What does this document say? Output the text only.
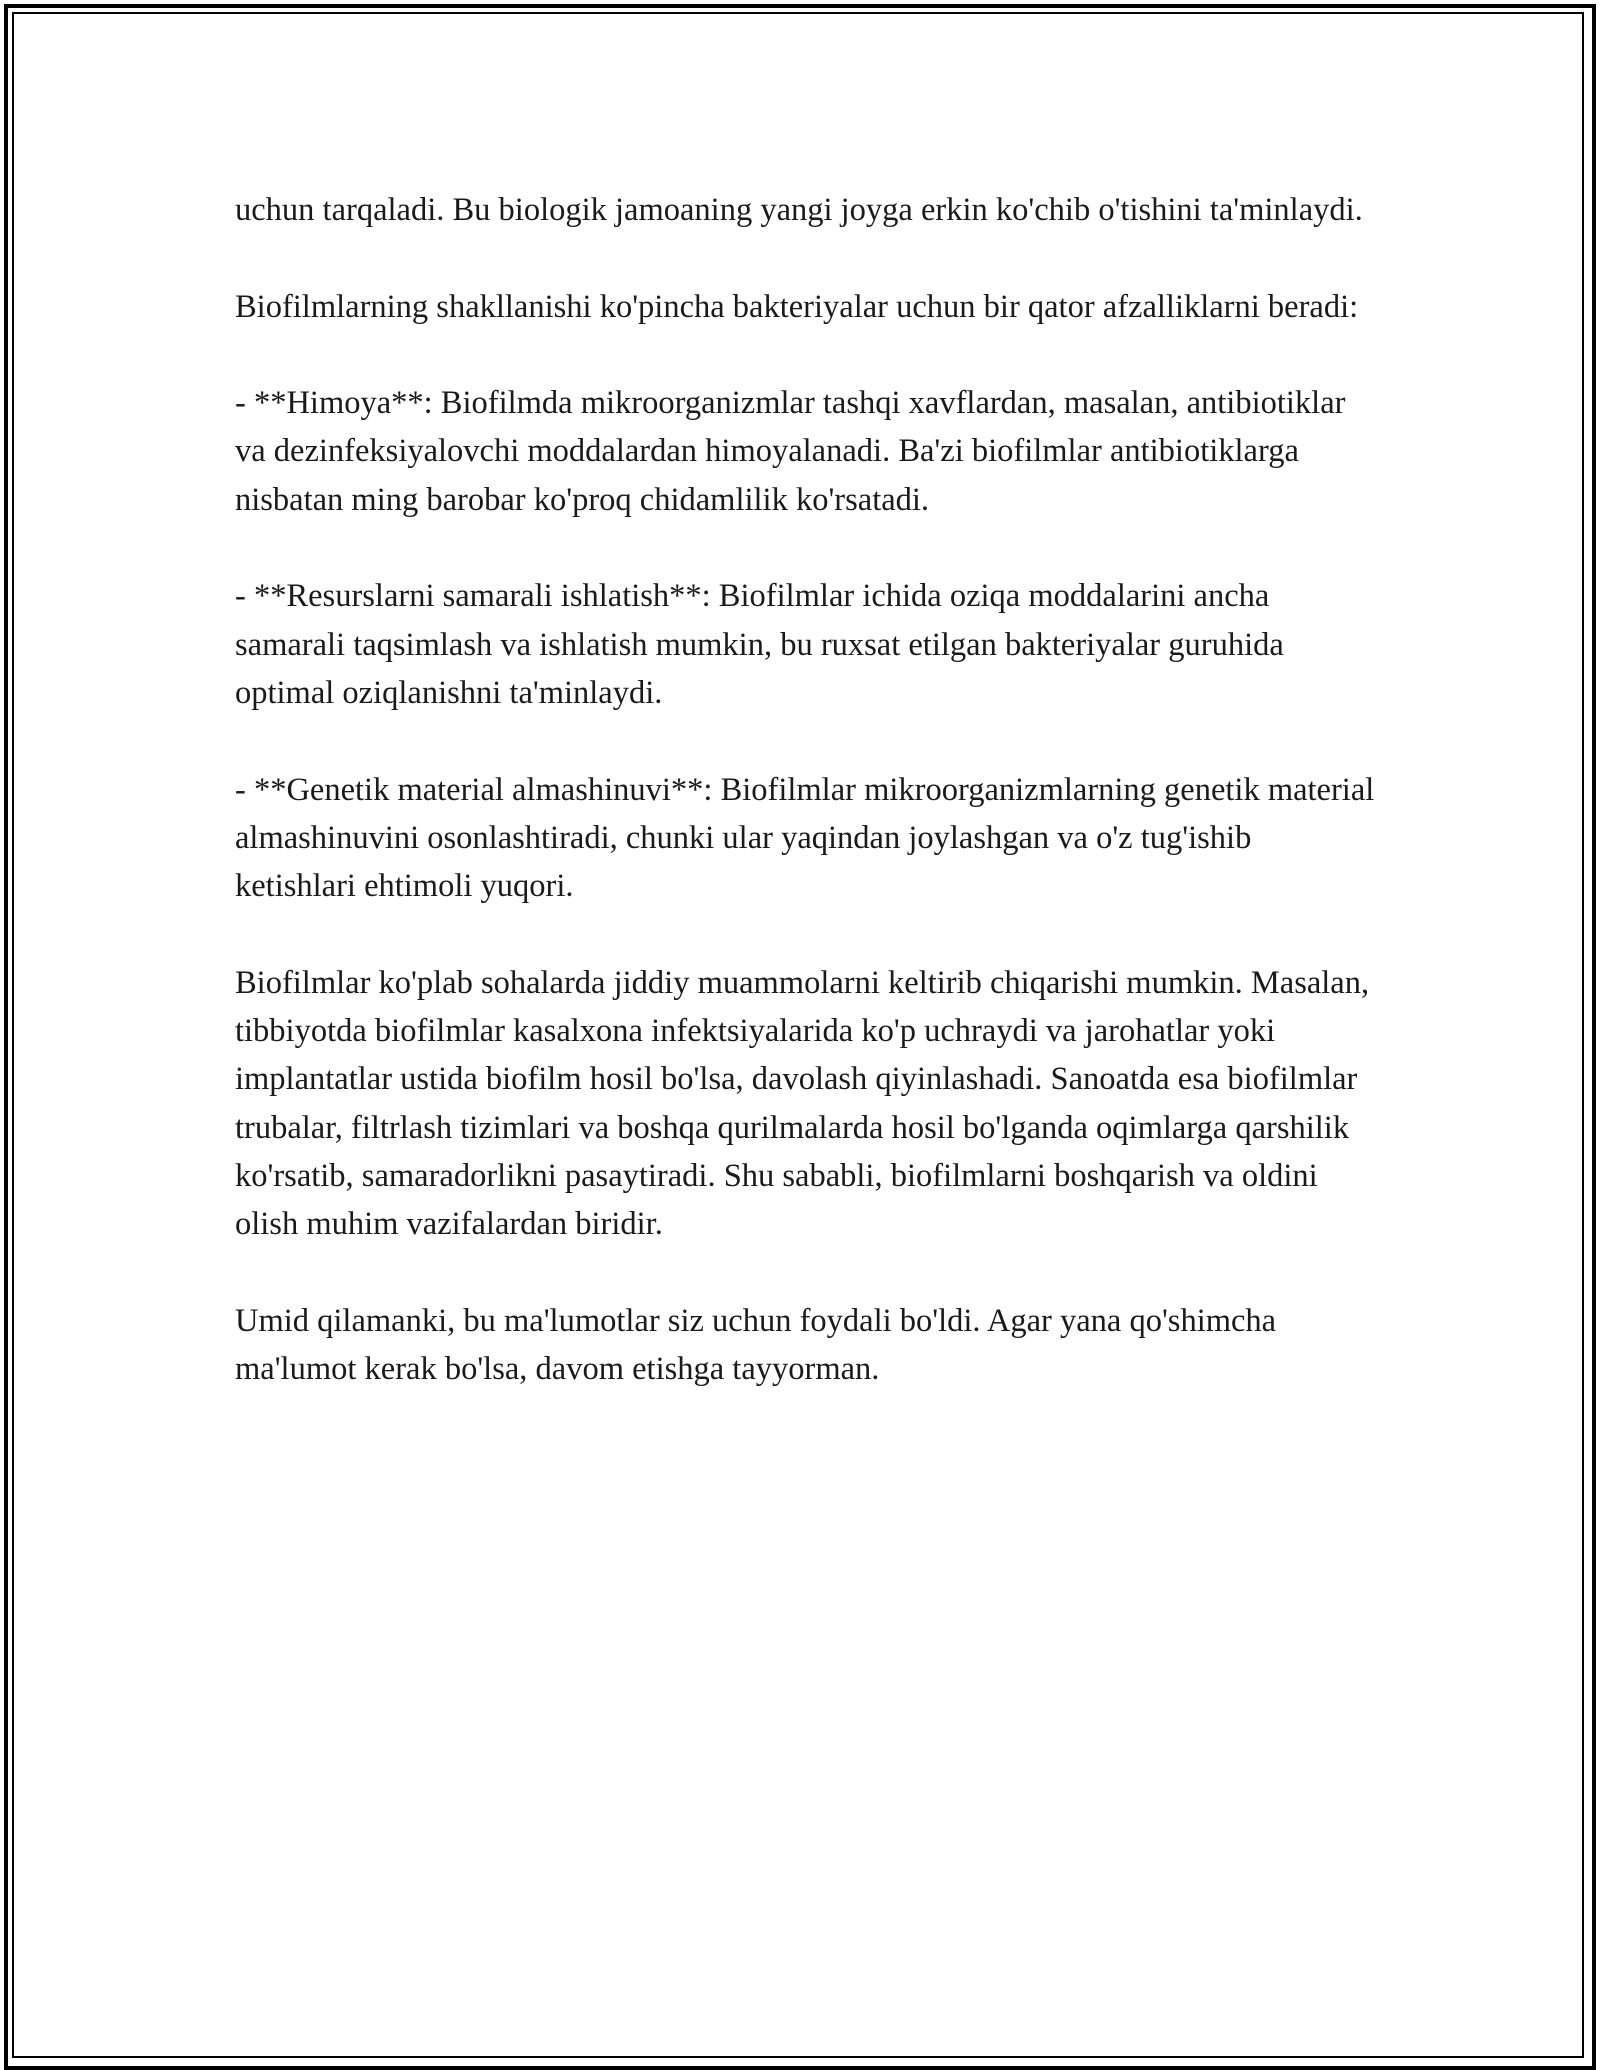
uchun tarqaladi. Bu biologik jamoaning yangi joyga erkin ko'chib o'tishini ta'minlaydi.

Biofilmlarning shakllanishi ko'pincha bakteriyalar uchun bir qator afzalliklarni beradi:

- **Himoya**: Biofilmda mikroorganizmlar tashqi xavflardan, masalan, antibiotiklar va dezinfeksiyalovchi moddalardan himoyalanadi. Ba'zi biofilmlar antibiotiklarga nisbatan ming barobar ko'proq chidamlilik ko'rsatadi.

- **Resurslarni samarali ishlatish**: Biofilmlar ichida oziqa moddalarini ancha samarali taqsimlash va ishlatish mumkin, bu ruxsat etilgan bakteriyalar guruhida optimal oziqlanishni ta'minlaydi.

- **Genetik material almashinuvi**: Biofilmlar mikroorganizmlarning genetik material almashinuvini osonlashtiradi, chunki ular yaqindan joylashgan va o'z tug'ishib ketishlari ehtimoli yuqori.

Biofilmlar ko'plab sohalarda jiddiy muammolarni keltirib chiqarishi mumkin. Masalan, tibbiyotda biofilmlar kasalxona infektsiyalarida ko'p uchraydi va jarohatlar yoki implantatlar ustida biofilm hosil bo'lsa, davolash qiyinlashadi. Sanoatda esa biofilmlar trubalar, filtrlash tizimlari va boshqa qurilmalarda hosil bo'lganda oqimlarga qarshilik ko'rsatib, samaradorlikni pasaytiradi. Shu sababli, biofilmlarni boshqarish va oldini olish muhim vazifalardan biridir.

Umid qilamanki, bu ma'lumotlar siz uchun foydali bo'ldi. Agar yana qo'shimcha ma'lumot kerak bo'lsa, davom etishga tayyorman.
